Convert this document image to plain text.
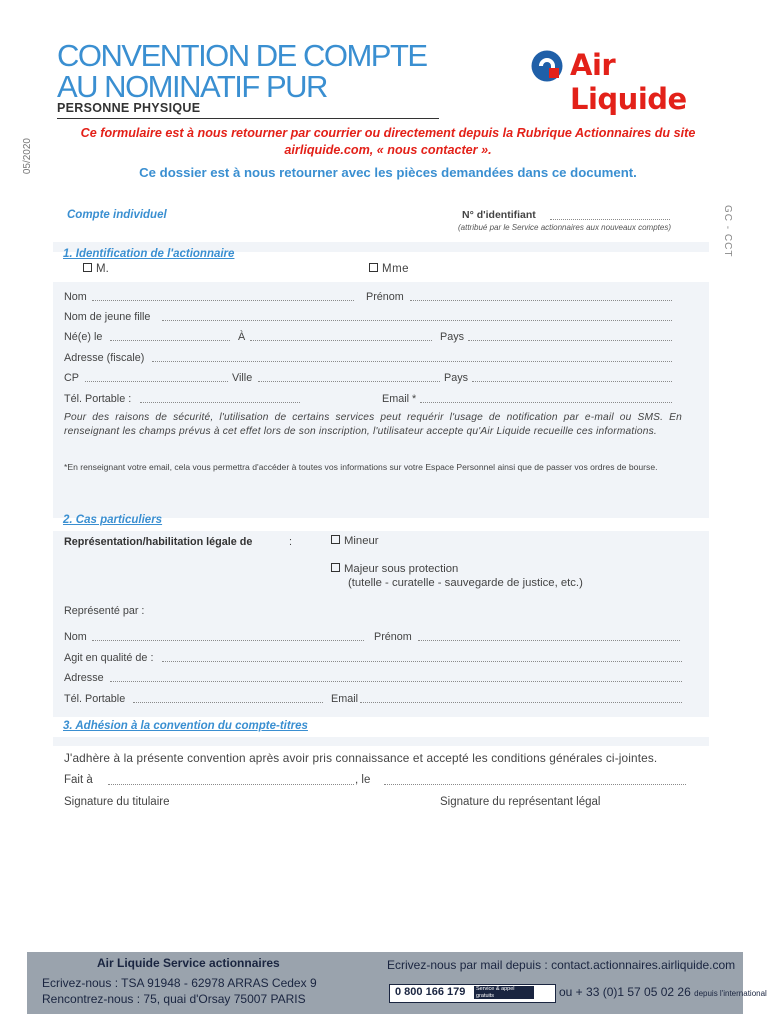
CONVENTION DE COMPTE
AU NOMINATIF PUR
Air Liquide
PERSONNE PHYSIQUE
05/2020
GC - CCT
Ce formulaire est à nous retourner par courrier ou directement depuis la Rubrique Actionnaires du site
airliquide.com, « nous contacter ».
Ce dossier est à nous retourner avec les pièces demandées dans ce document.
Compte individuel	N° d'identifiant
(attribué par le Service actionnaires aux nouveaux comptes)
1. Identification de l'actionnaire
M.	Mme
Nom	Prénom
Nom de jeune fille
Né(e) le	À	Pays
Adresse (fiscale)
CP	Ville	Pays
Tél. Portable :	Email *
Pour des raisons de sécurité, l'utilisation de certains services peut requérir l'usage de notification par e-mail ou SMS. En renseignant les champs prévus à cet effet lors de son inscription, l'utilisateur accepte qu'Air Liquide recueille ces informations.
*En renseignant votre email, cela vous permettra d'accéder à toutes vos informations sur votre Espace Personnel ainsi que de passer vos ordres de bourse.
2. Cas particuliers
Représentation/habilitation légale de	:	Mineur
Majeur sous protection
(tutelle - curatelle - sauvegarde de justice, etc.)
Représenté par :
Nom	Prénom
Agit en qualité de :
Adresse
Tél. Portable	Email
3. Adhésion à la convention du compte-titres
J'adhère à la présente convention après avoir pris connaissance et accepté les conditions générales ci-jointes.
Fait à	, le
Signature du titulaire	Signature du représentant légal
Air Liquide Service actionnaires
Ecrivez-nous : TSA 91948 - 62978 ARRAS Cedex 9
Rencontrez-nous : 75, quai d'Orsay 75007 PARIS
Ecrivez-nous par mail depuis : contact.actionnaires.airliquide.com
0 800 166 179	Service & appel gratuits	ou + 33 (0)1 57 05 02 26 depuis l'international
